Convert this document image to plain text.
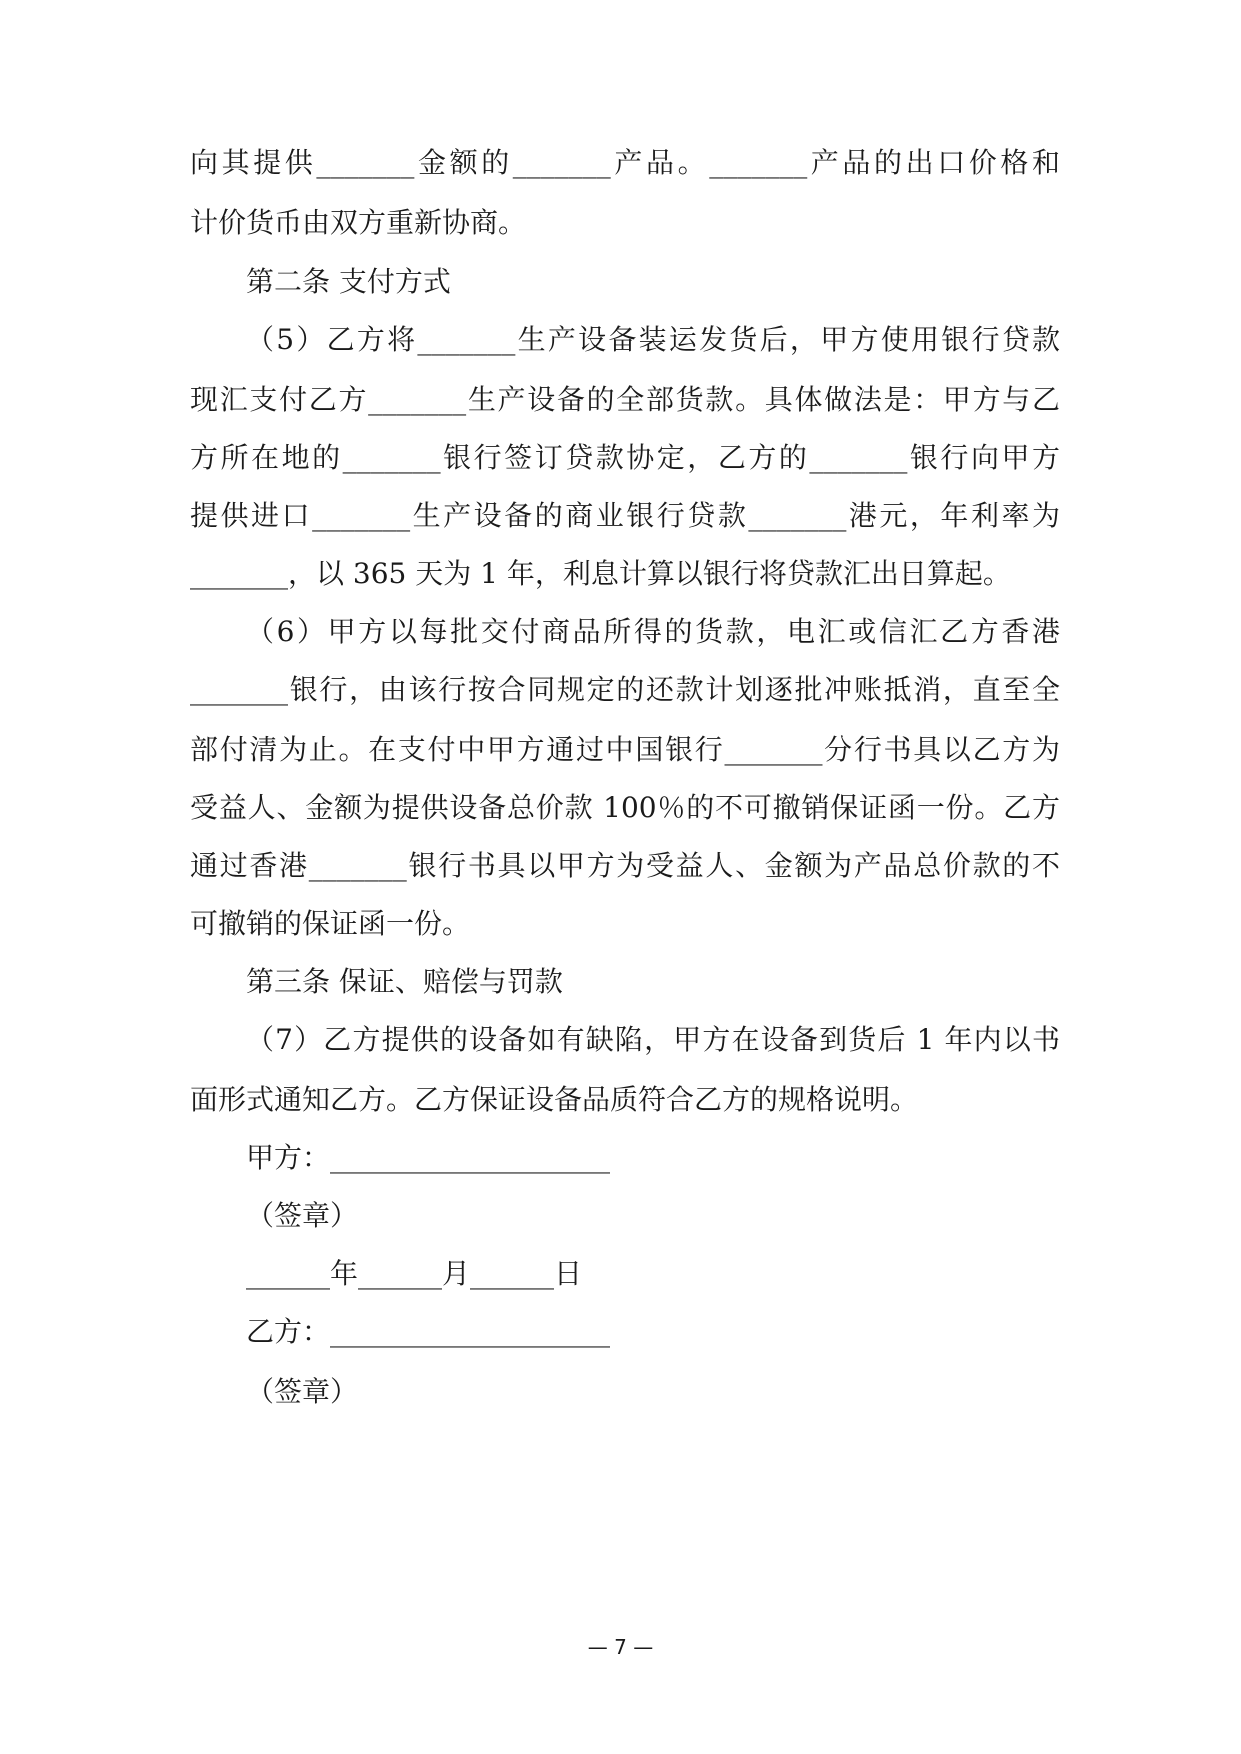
向其提供_______金额的_______产品。_______产品的出口价格和
计价货币由双方重新协商。
第二条 支付方式
（5）乙方将_______生产设备装运发货后，甲方使用银行贷款
现汇支付乙方_______生产设备的全部货款。具体做法是：甲方与乙
方所在地的_______银行签订贷款协定，乙方的_______银行向甲方
提供进口_______生产设备的商业银行贷款_______港元，年利率为
_______，以 365 天为 1 年，利息计算以银行将贷款汇出日算起。
（6）甲方以每批交付商品所得的货款，电汇或信汇乙方香港
_______银行，由该行按合同规定的还款计划逐批冲账抵消，直至全
部付清为止。在支付中甲方通过中国银行_______分行书具以乙方为
受益人、金额为提供设备总价款 100％的不可撤销保证函一份。乙方
通过香港_______银行书具以甲方为受益人、金额为产品总价款的不
可撤销的保证函一份。
第三条 保证、赔偿与罚款
（7）乙方提供的设备如有缺陷，甲方在设备到货后 1 年内以书
面形式通知乙方。乙方保证设备品质符合乙方的规格说明。
甲方：____________________
（签章）
______年______月______日
乙方：____________________
（签章）
— 7 —
